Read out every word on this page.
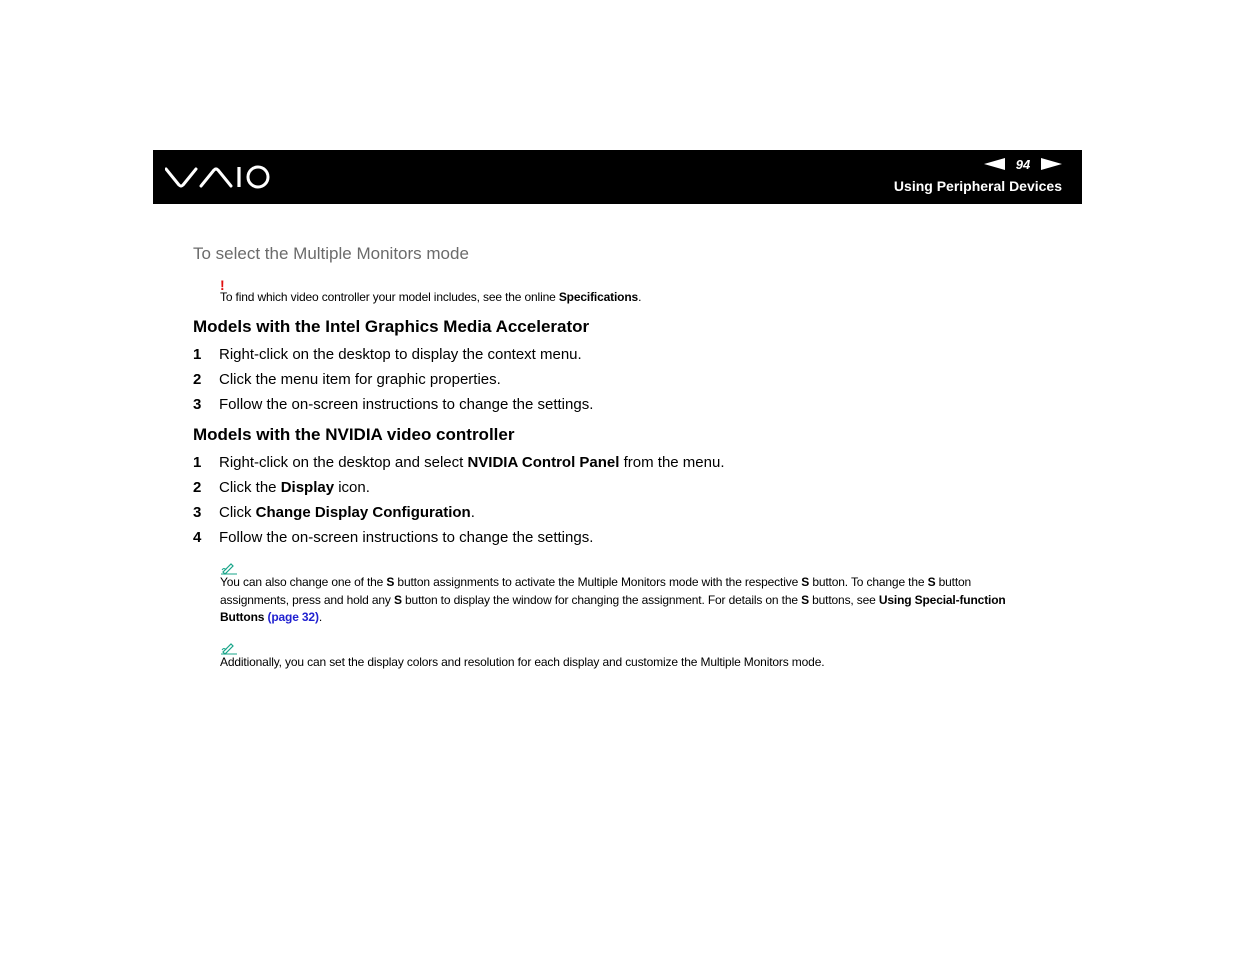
94
Using Peripheral Devices
To select the Multiple Monitors mode
!
To find which video controller your model includes, see the online Specifications.
Models with the Intel Graphics Media Accelerator
1 Right-click on the desktop to display the context menu.
2 Click the menu item for graphic properties.
3 Follow the on-screen instructions to change the settings.
Models with the NVIDIA video controller
1 Right-click on the desktop and select NVIDIA Control Panel from the menu.
2 Click the Display icon.
3 Click Change Display Configuration.
4 Follow the on-screen instructions to change the settings.
You can also change one of the S button assignments to activate the Multiple Monitors mode with the respective S button. To change the S button
assignments, press and hold any S button to display the window for changing the assignment. For details on the S buttons, see Using Special-function
Buttons (page 32).
Additionally, you can set the display colors and resolution for each display and customize the Multiple Monitors mode.
